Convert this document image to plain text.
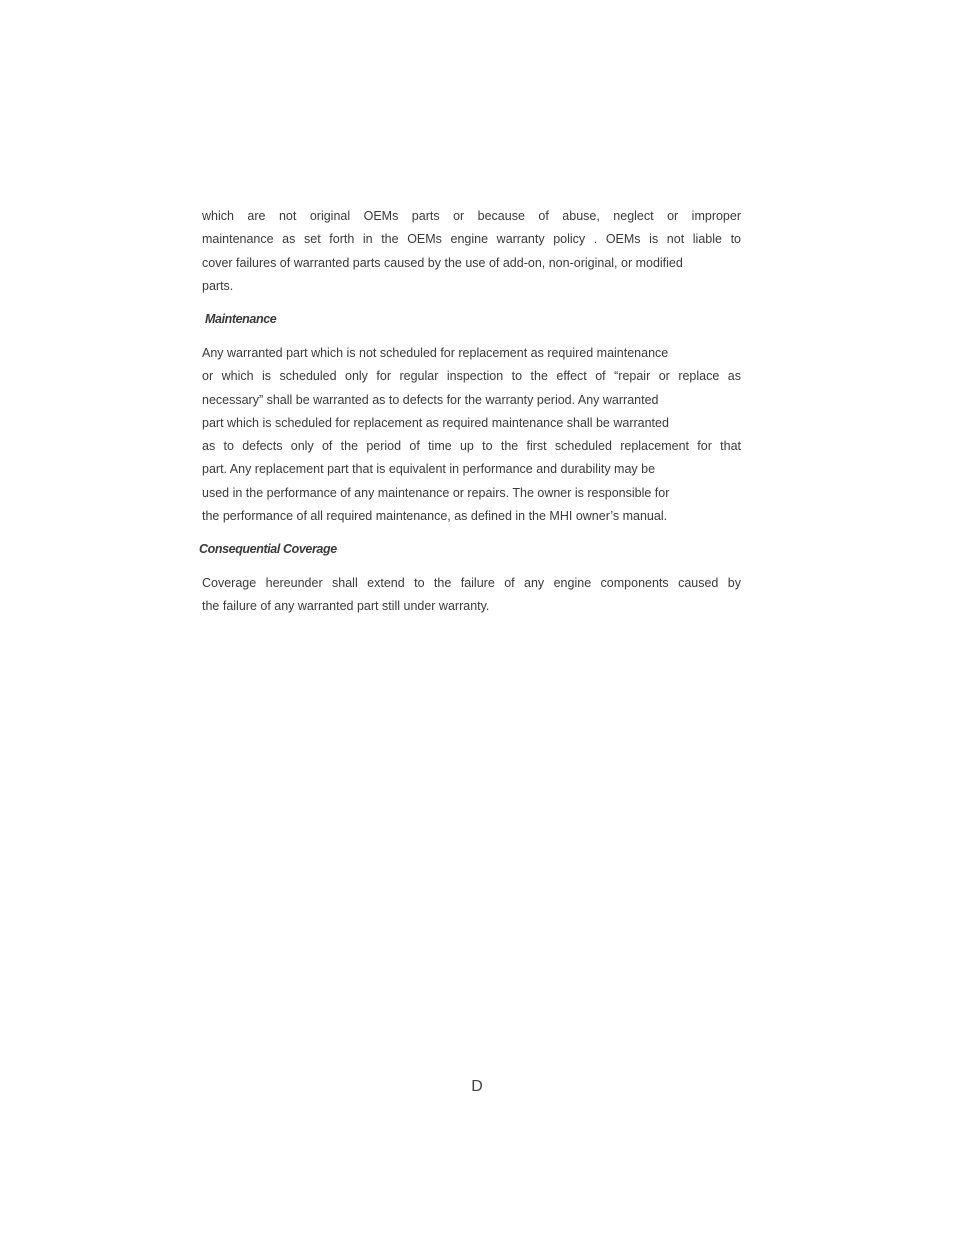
which are not original OEMs parts or because of abuse, neglect or improper
maintenance as set forth in the OEMs engine warranty policy . OEMs is not liable to
cover failures of warranted parts caused by the use of add-on, non-original, or modified
parts.
Maintenance
Any warranted part which is not scheduled for replacement as required maintenance
or which is scheduled only for regular inspection to the effect of “repair or replace as
necessary” shall be warranted as to defects for the warranty period. Any warranted
part which is scheduled for replacement as required maintenance shall be warranted
as to defects only of the period of time up to the first scheduled replacement for that
part. Any replacement part that is equivalent in performance and durability may be
used in the performance of any maintenance or repairs. The owner is responsible for
the performance of all required maintenance, as defined in the MHI owner’s manual.
Consequential Coverage
Coverage hereunder shall extend to the failure of any engine components caused by
the failure of any warranted part still under warranty.
D
